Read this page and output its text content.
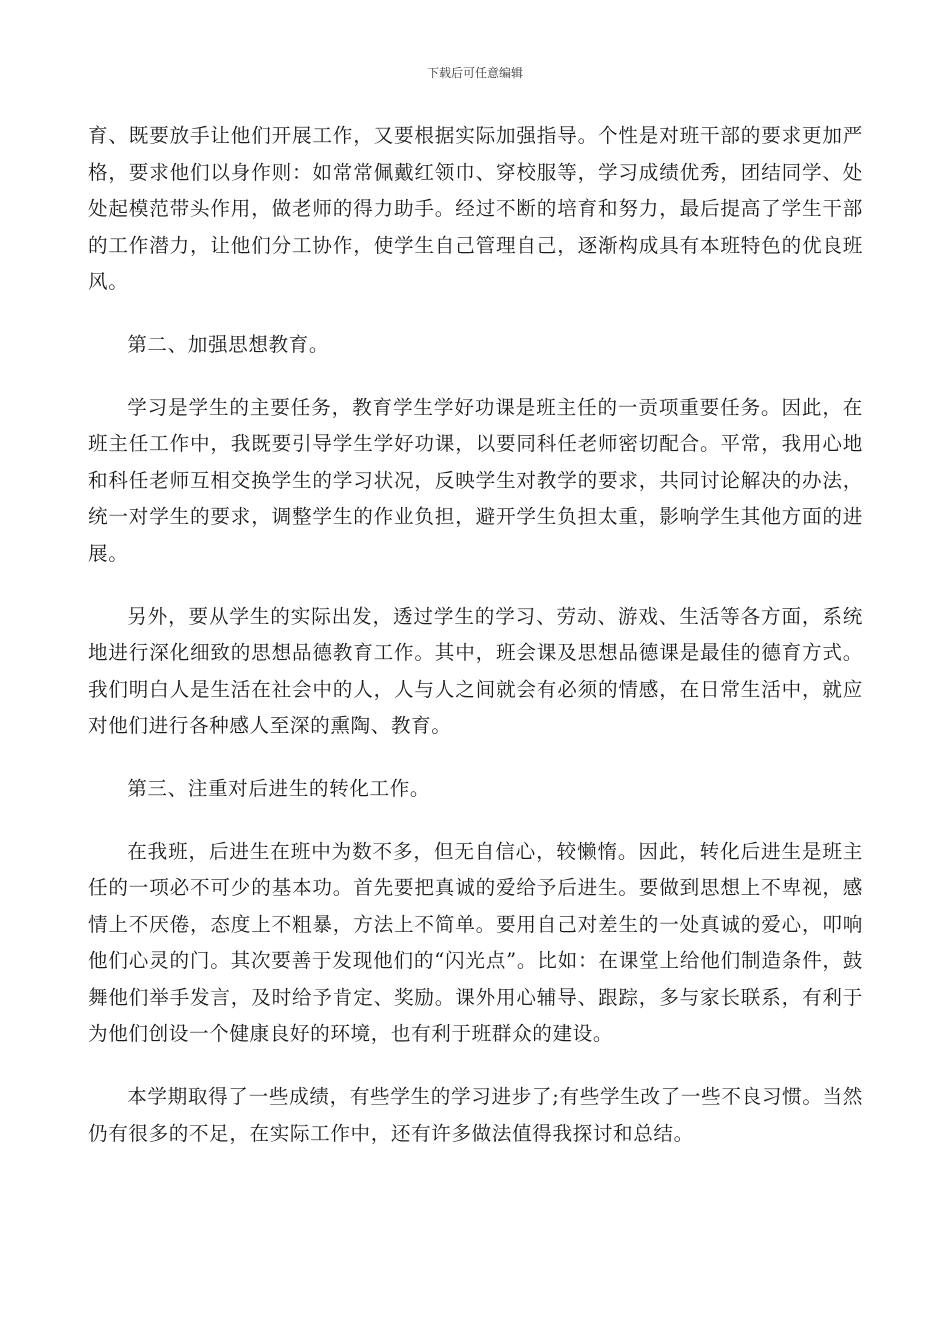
下载后可任意编辑

育、既要放手让他们开展工作，又要根据实际加强指导。个性是对班干部的要求更加严格，要求他们以身作则：如常常佩戴红领巾、穿校服等，学习成绩优秀，团结同学、处处起模范带头作用，做老师的得力助手。经过不断的培育和努力，最后提高了学生干部的工作潜力，让他们分工协作，使学生自己管理自己，逐渐构成具有本班特色的优良班风。

第二、加强思想教育。

学习是学生的主要任务，教育学生学好功课是班主任的一贡项重要任务。因此，在班主任工作中，我既要引导学生学好功课，以要同科任老师密切配合。平常，我用心地和科任老师互相交换学生的学习状况，反映学生对教学的要求，共同讨论解决的办法，统一对学生的要求，调整学生的作业负担，避开学生负担太重，影响学生其他方面的进展。

另外，要从学生的实际出发，透过学生的学习、劳动、游戏、生活等各方面，系统地进行深化细致的思想品德教育工作。其中，班会课及思想品德课是最佳的德育方式。我们明白人是生活在社会中的人，人与人之间就会有必须的情感，在日常生活中，就应对他们进行各种感人至深的熏陶、教育。

第三、注重对后进生的转化工作。

在我班，后进生在班中为数不多，但无自信心，较懒惰。因此，转化后进生是班主任的一项必不可少的基本功。首先要把真诚的爱给予后进生。要做到思想上不卑视，感情上不厌倦，态度上不粗暴，方法上不简单。要用自己对差生的一处真诚的爱心，叩响他们心灵的门。其次要善于发现他们的“闪光点”。比如：在课堂上给他们制造条件，鼓舞他们举手发言，及时给予肯定、奖励。课外用心辅导、跟踪，多与家长联系，有利于为他们创设一个健康良好的环境，也有利于班群众的建设。

本学期取得了一些成绩，有些学生的学习进步了;有些学生改了一些不良习惯。当然仍有很多的不足，在实际工作中，还有许多做法值得我探讨和总结。
